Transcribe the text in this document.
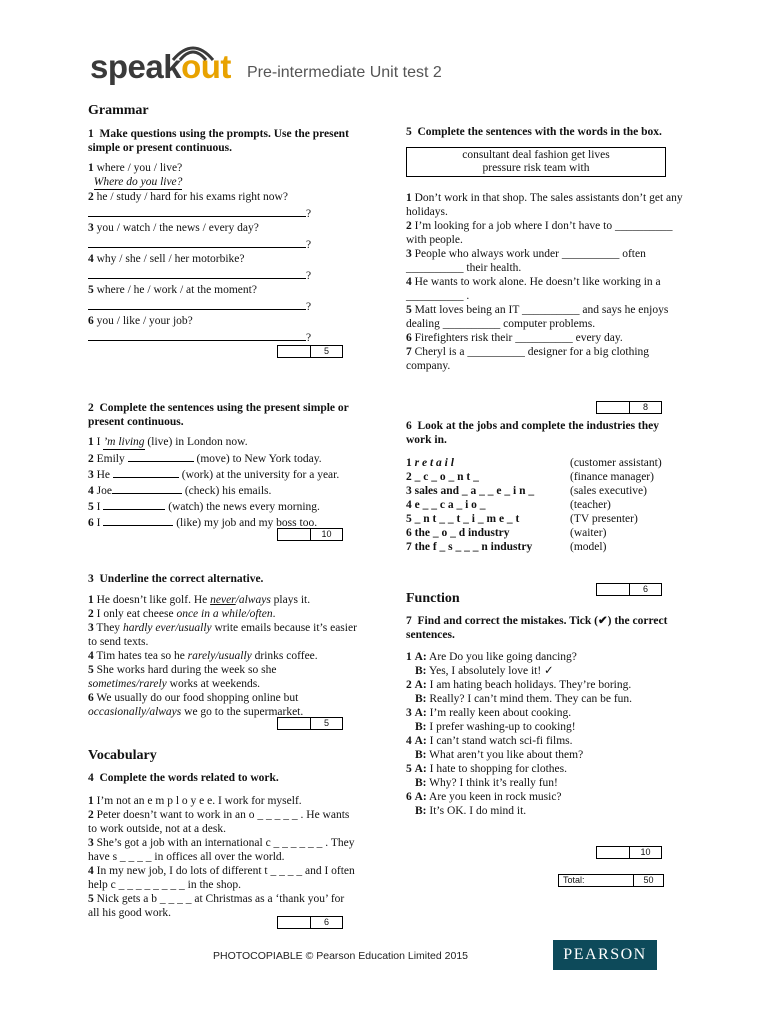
speakout Pre-intermediate Unit test 2

Grammar

1 Make questions using the prompts. Use the present simple or present continuous.
1 where / you / live?
Where do you live?
2 he / study / hard for his exams right now?
?
3 you / watch / the news / every day?
?
4 why / she / sell / her motorbike?
?
5 where / he / work / at the moment?
?
6 you / like / your job?
?
2 Complete the sentences using the present simple or present continuous.
1 I ’m living (live) in London now.
2 Emily	(move) to New York today.
3 He	(work) at the university for a year.
4 Joe	(check) his emails.
5 I	(watch) the news every morning.
6 I	(like) my job and my boss too.
3 Underline the correct alternative.
1 He doesn’t like golf. He never/always plays it.
2 I only eat cheese once in a while/often.
3 They hardly ever/usually write emails because it’s easier to send texts.
4 Tim hates tea so he rarely/usually drinks coffee.
5 She works hard during the week so she sometimes/rarely works at weekends.
6 We usually do our food shopping online but occasionally/always we go to the supermarket.

Vocabulary

4 Complete the words related to work.
1 I’m not an e m p l o y e e. I work for myself.
2 Peter doesn’t want to work in an o _ _ _ _ _ . He wants to work outside, not at a desk.
3 She’s got a job with an international c _ _ _ _ _ _ . They have s _ _ _ _ in offices all over the world.
4 In my new job, I do lots of different t _ _ _ _ and I often help c _ _ _ _ _ _ _ _ in the shop.
5 Nick gets a b _ _ _ _ at Christmas as a ‘thank you’ for all his good work.
5
10
5
6
5 Complete the sentences with the words in the box.
consultant deal fashion get lives
pressure risk team with
1 Don’t work in that shop. The sales assistants don’t get any holidays.
2 I’m looking for a job where I don’t have to __________ with people.
3 People who always work under __________ often __________ their health.
4 He wants to work alone. He doesn’t like working in a __________ .
5 Matt loves being an IT __________ and says he enjoys dealing __________ computer problems.
6 Firefighters risk their __________ every day.
7 Cheryl is a __________ designer for a big clothing company.
6 Look at the jobs and complete the industries they work in.
1 r e t a i l	(customer assistant)
2 _ c _ o _ n t _	(finance manager)
3 sales and _ a _ _ e _ i n _	(sales executive)
4 e _ _ c a _ i o _	(teacher)
5 _ n t _ _ t _ i _ m e _ t	(TV presenter)
6 the _ o _ d industry	(waiter)
7 the f _ s _ _ _ n industry	(model)

Function

7 Find and correct the mistakes. Tick (✔) the correct sentences.
1 A: Are Do you like going dancing?
B: Yes, I absolutely love it! ✓
2 A: I am hating beach holidays. They’re boring.
B: Really? I can’t mind them. They can be fun.
3 A: I’m really keen about cooking.
B: I prefer washing-up to cooking!
4 A: I can’t stand watch sci-fi films.
B: What aren’t you like about them?
5 A: I hate to shopping for clothes.
B: Why? I think it’s really fun!
6 A: Are you keen in rock music?
B: It’s OK. I do mind it.
8
6
10
Total:	50
PHOTOCOPIABLE © Pearson Education Limited 2015	PEARSON
